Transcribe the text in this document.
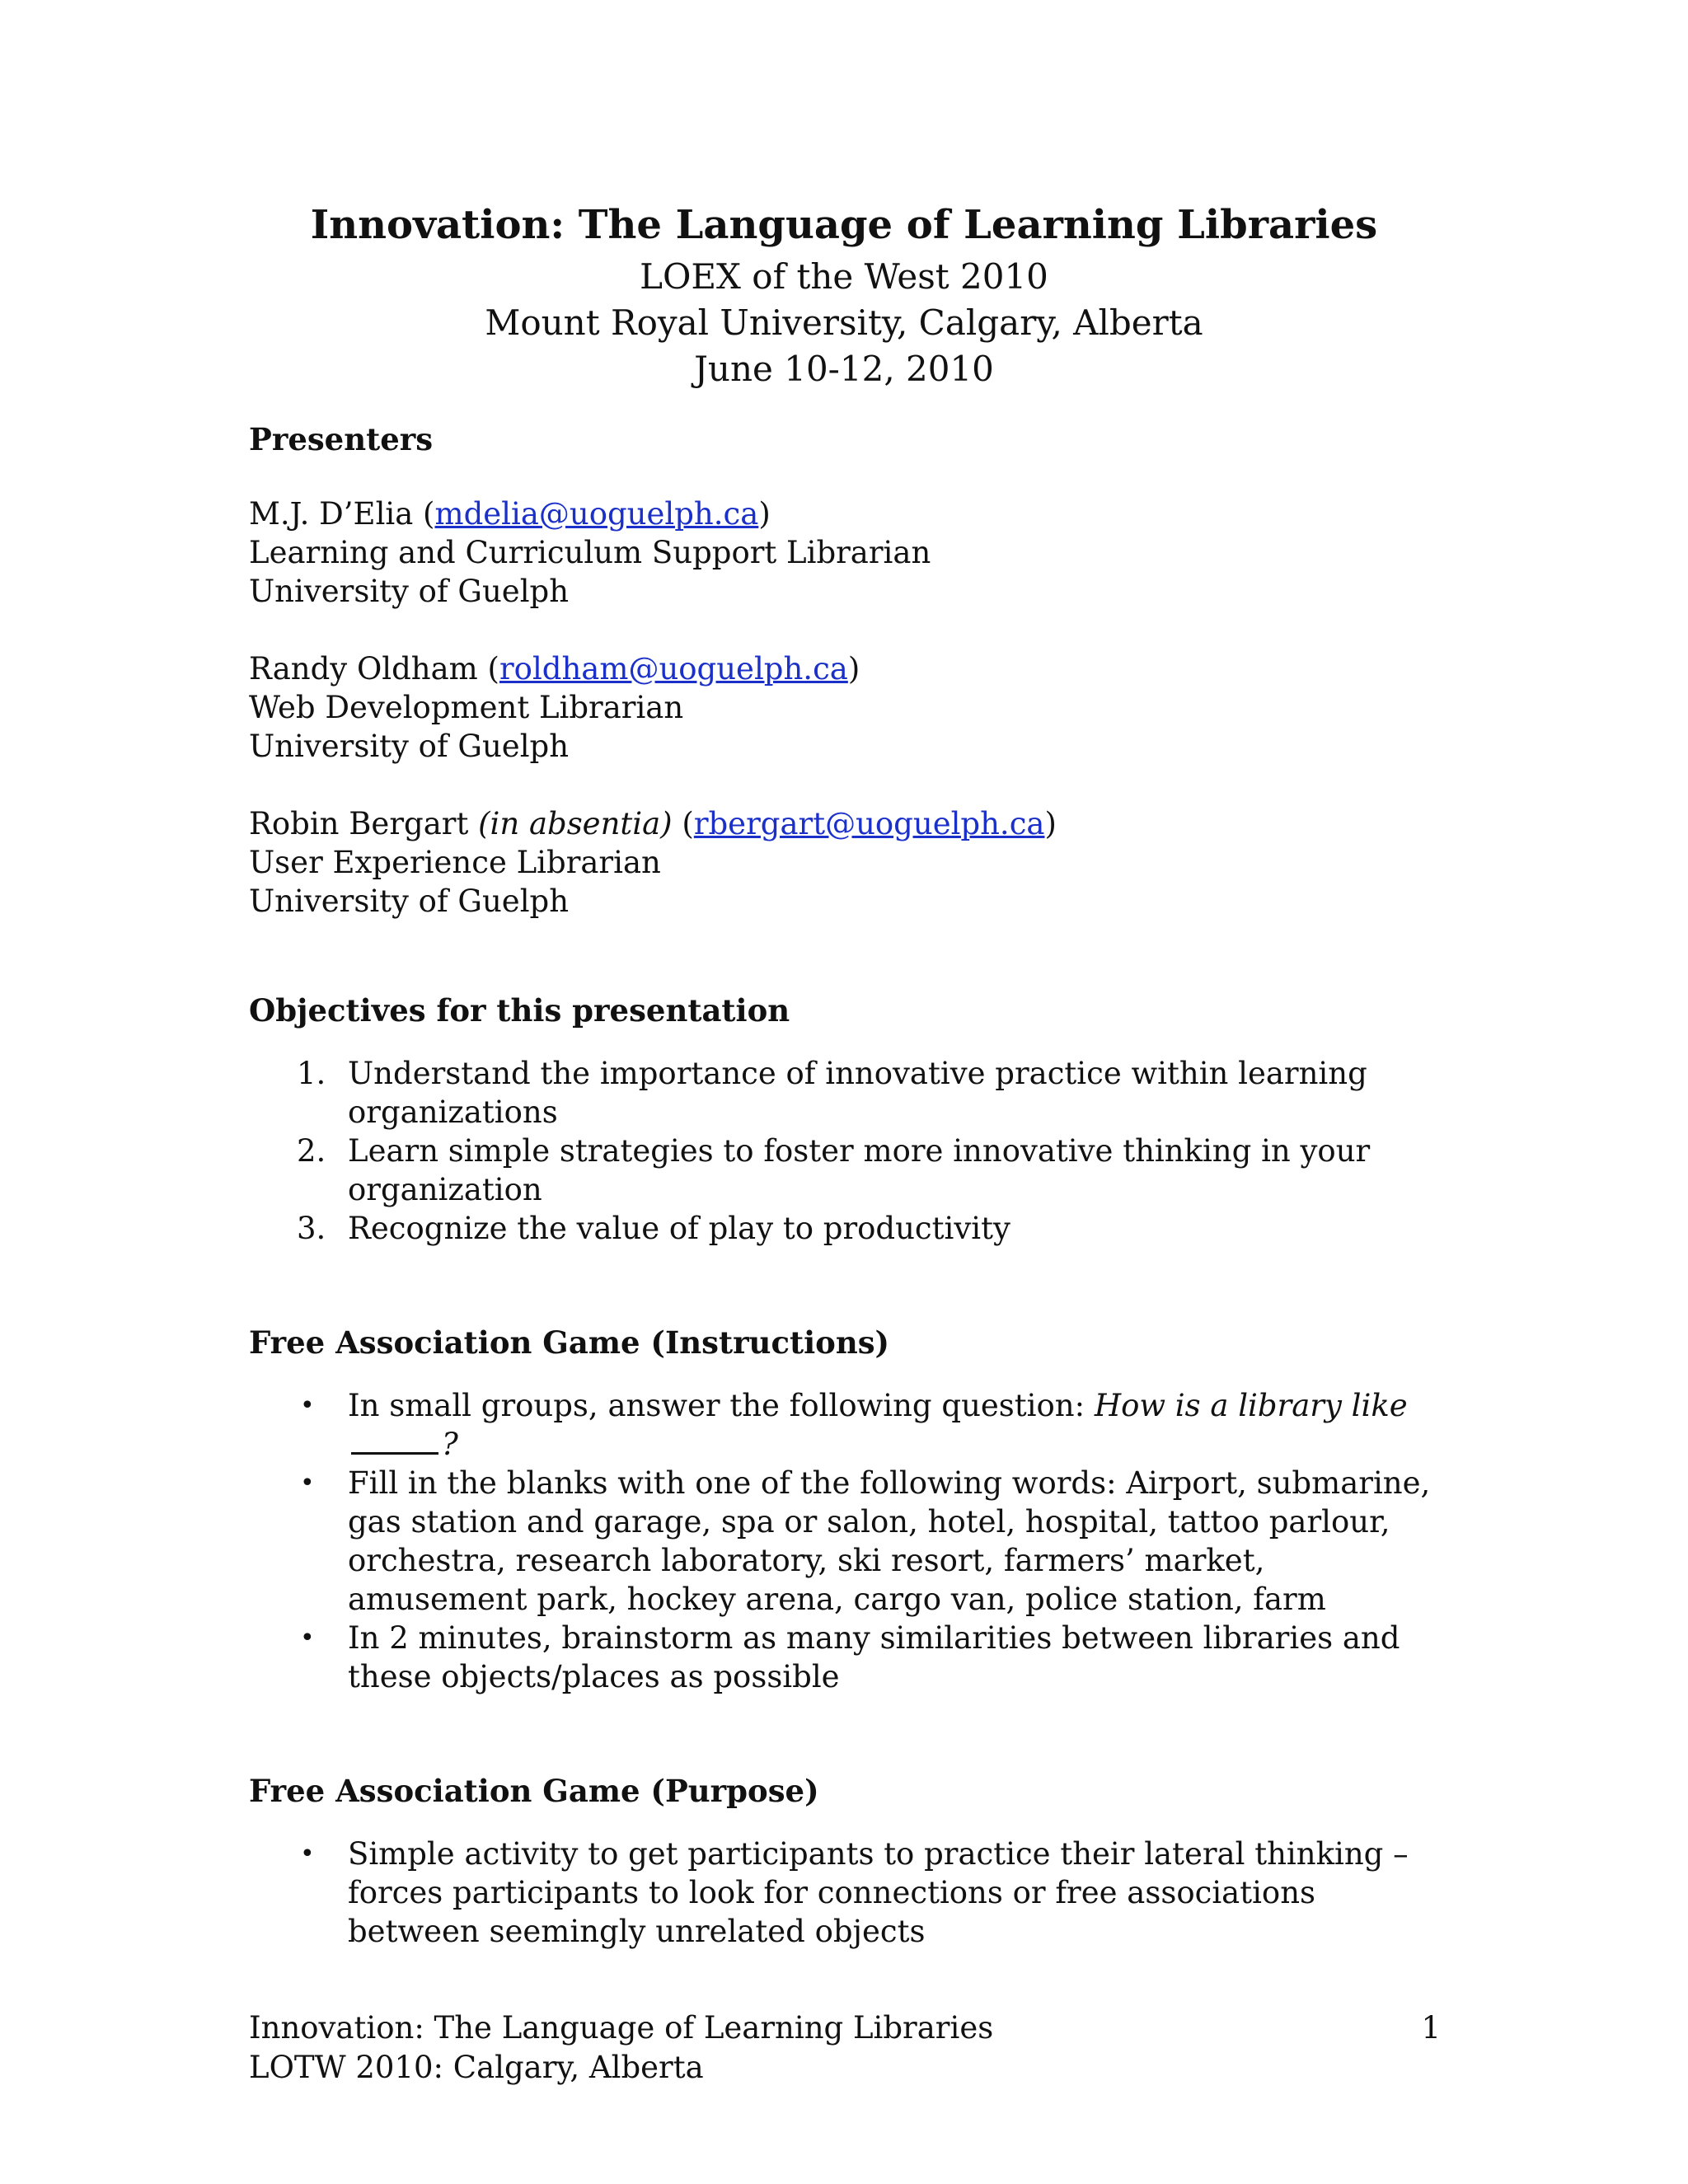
Innovation: The Language of Learning Libraries

LOEX of the West 2010

Mount Royal University, Calgary, Alberta

June 10-12, 2010

Presenters

M.J. D’Elia (mdelia@uoguelph.ca)

Learning and Curriculum Support Librarian

University of Guelph

Randy Oldham (roldham@uoguelph.ca)

Web Development Librarian

University of Guelph

Robin Bergart (in absentia) (rbergart@uoguelph.ca)

User Experience Librarian

University of Guelph

Objectives for this presentation

1. Understand the importance of innovative practice within learning organizations
2. Learn simple strategies to foster more innovative thinking in your organization
3. Recognize the value of play to productivity

Free Association Game (Instructions)

• In small groups, answer the following question: How is a library like?
• Fill in the blanks with one of the following words: Airport, submarine, gas station and garage, spa or salon, hotel, hospital, tattoo parlour, orchestra, research laboratory, ski resort, farmers’ market, amusement park, hockey arena, cargo van, police station, farm
• In 2 minutes, brainstorm as many similarities between libraries and these objects/places as possible

Free Association Game (Purpose)

• Simple activity to get participants to practice their lateral thinking – forces participants to look for connections or free associations between seemingly unrelated objects

Innovation: The Language of Learning Libraries

LOTW 2010: Calgary, Alberta

1
